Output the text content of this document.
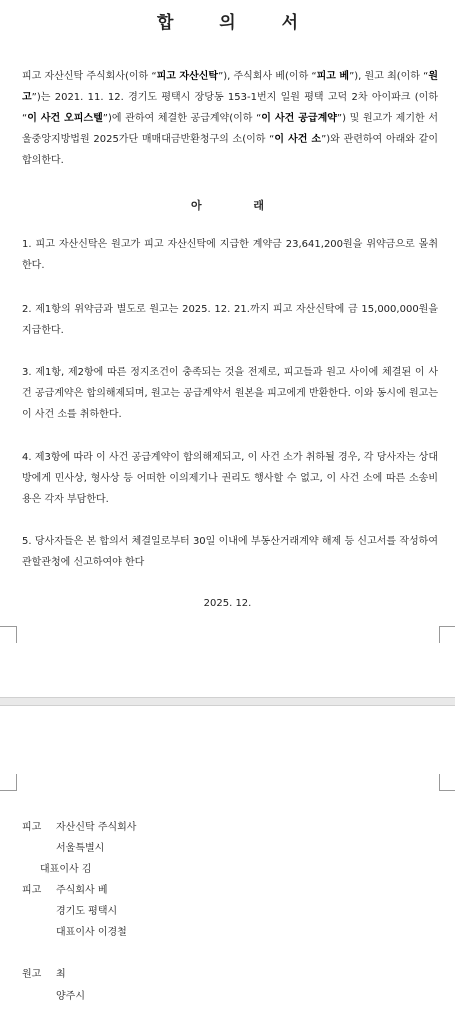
합 의 서

피고 자산신탁 주식회사(이하 “피고 자산신탁”), 주식회사 베(이하 “피고 베”), 원고 최(이하 “원고”)는 2021. 11. 12. 경기도 평택시 장당동 153-1번지 일원 평택 고덕 2차 아이파크 (이하 “이 사건 오피스텔”)에 관하여 체결한 공급계약(이하 “이 사건 공급계약”) 및 원고가 제기한 서울중앙지방법원 2025가단 매매대금반환청구의 소(이하 “이 사건 소”)와 관련하여 아래와 같이 합의한다.

아 래

1. 피고 자산신탁은 원고가 피고 자산신탁에 지급한 계약금 23,641,200원을 위약금으로 몰취한다.

2. 제1항의 위약금과 별도로 원고는 2025. 12. 21.까지 피고 자산신탁에 금 15,000,000원을 지급한다.

3. 제1항, 제2항에 따른 정지조건이 충족되는 것을 전제로, 피고들과 원고 사이에 체결된 이 사건 공급계약은 합의해제되며, 원고는 공급계약서 원본을 피고에게 반환한다. 이와 동시에 원고는 이 사건 소를 취하한다.

4. 제3항에 따라 이 사건 공급계약이 합의해제되고, 이 사건 소가 취하될 경우, 각 당사자는 상대방에게 민사상, 형사상 등 어떠한 이의제기나 권리도 행사할 수 없고, 이 사건 소에 따른 소송비용은 각자 부담한다.

5. 당사자들은 본 합의서 체결일로부터 30일 이내에 부동산거래계약 해제 등 신고서를 작성하여 관할관청에 신고하여야 한다

2025. 12.
피고 자산신탁 주식회사
서울특별시
대표이사 김
피고 주식회사 베
경기도 평택시
대표이사 이경철
원고 최
양주시
